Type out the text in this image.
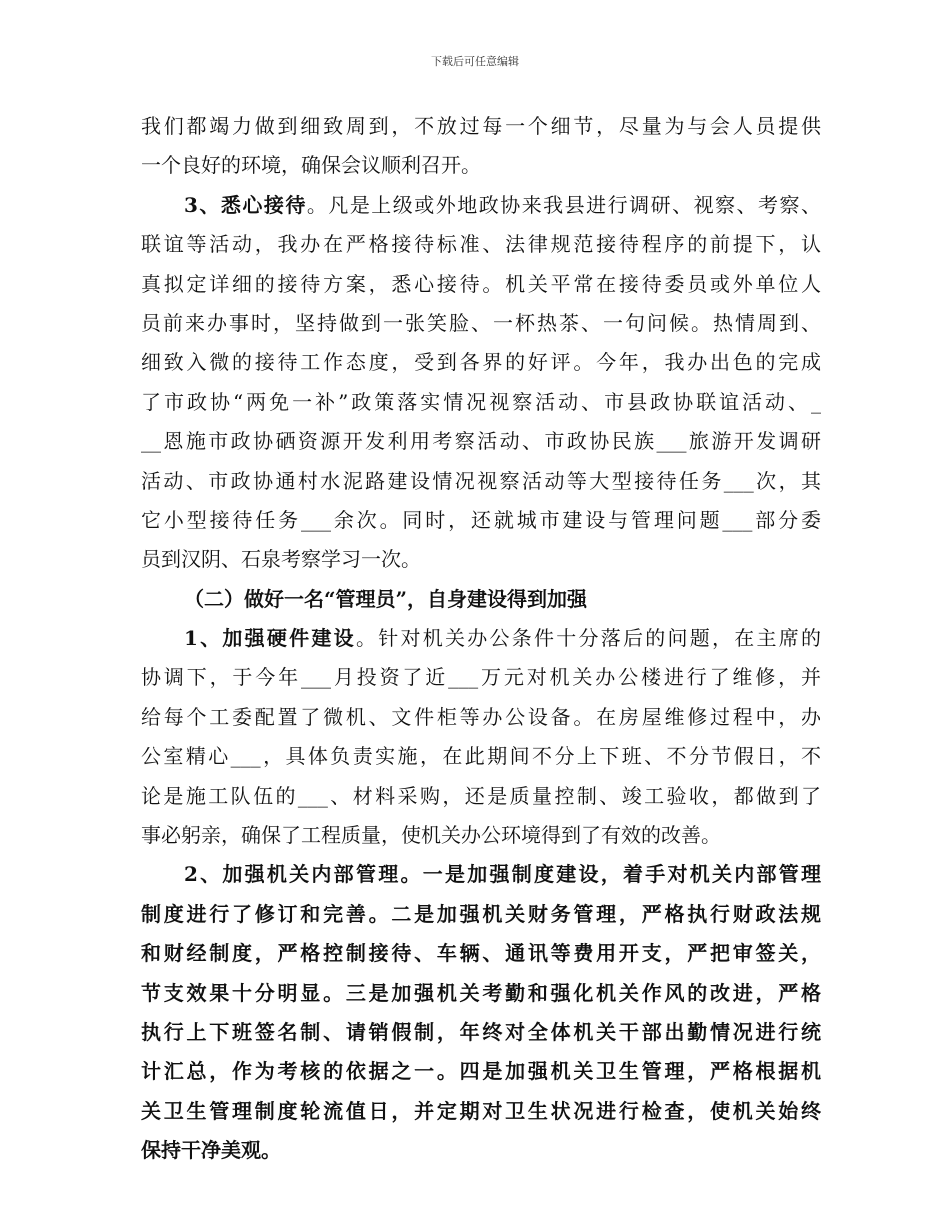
下载后可任意编辑
我们都竭力做到细致周到，不放过每一个细节，尽量为与会人员提供
一个良好的环境，确保会议顺利召开。
3、悉心接待。凡是上级或外地政协来我县进行调研、视察、考察、
联谊等活动，我办在严格接待标准、法律规范接待程序的前提下，认
真拟定详细的接待方案，悉心接待。机关平常在接待委员或外单位人
员前来办事时，坚持做到一张笑脸、一杯热茶、一句问候。热情周到、
细致入微的接待工作态度，受到各界的好评。今年，我办出色的完成
了市政协“两免一补”政策落实情况视察活动、市县政协联谊活动、_
__恩施市政协硒资源开发利用考察活动、市政协民族___旅游开发调研
活动、市政协通村水泥路建设情况视察活动等大型接待任务___次，其
它小型接待任务___余次。同时，还就城市建设与管理问题___部分委
员到汉阴、石泉考察学习一次。
（二）做好一名“管理员”，自身建设得到加强
1、加强硬件建设。针对机关办公条件十分落后的问题，在主席的
协调下，于今年___月投资了近___万元对机关办公楼进行了维修，并
给每个工委配置了微机、文件柜等办公设备。在房屋维修过程中，办
公室精心___，具体负责实施，在此期间不分上下班、不分节假日，不
论是施工队伍的___、材料采购，还是质量控制、竣工验收，都做到了
事必躬亲，确保了工程质量，使机关办公环境得到了有效的改善。
2、加强机关内部管理。一是加强制度建设，着手对机关内部管理
制度进行了修订和完善。二是加强机关财务管理，严格执行财政法规
和财经制度，严格控制接待、车辆、通讯等费用开支，严把审签关，
节支效果十分明显。三是加强机关考勤和强化机关作风的改进，严格
执行上下班签名制、请销假制，年终对全体机关干部出勤情况进行统
计汇总，作为考核的依据之一。四是加强机关卫生管理，严格根据机
关卫生管理制度轮流值日，并定期对卫生状况进行检查，使机关始终
保持干净美观。
